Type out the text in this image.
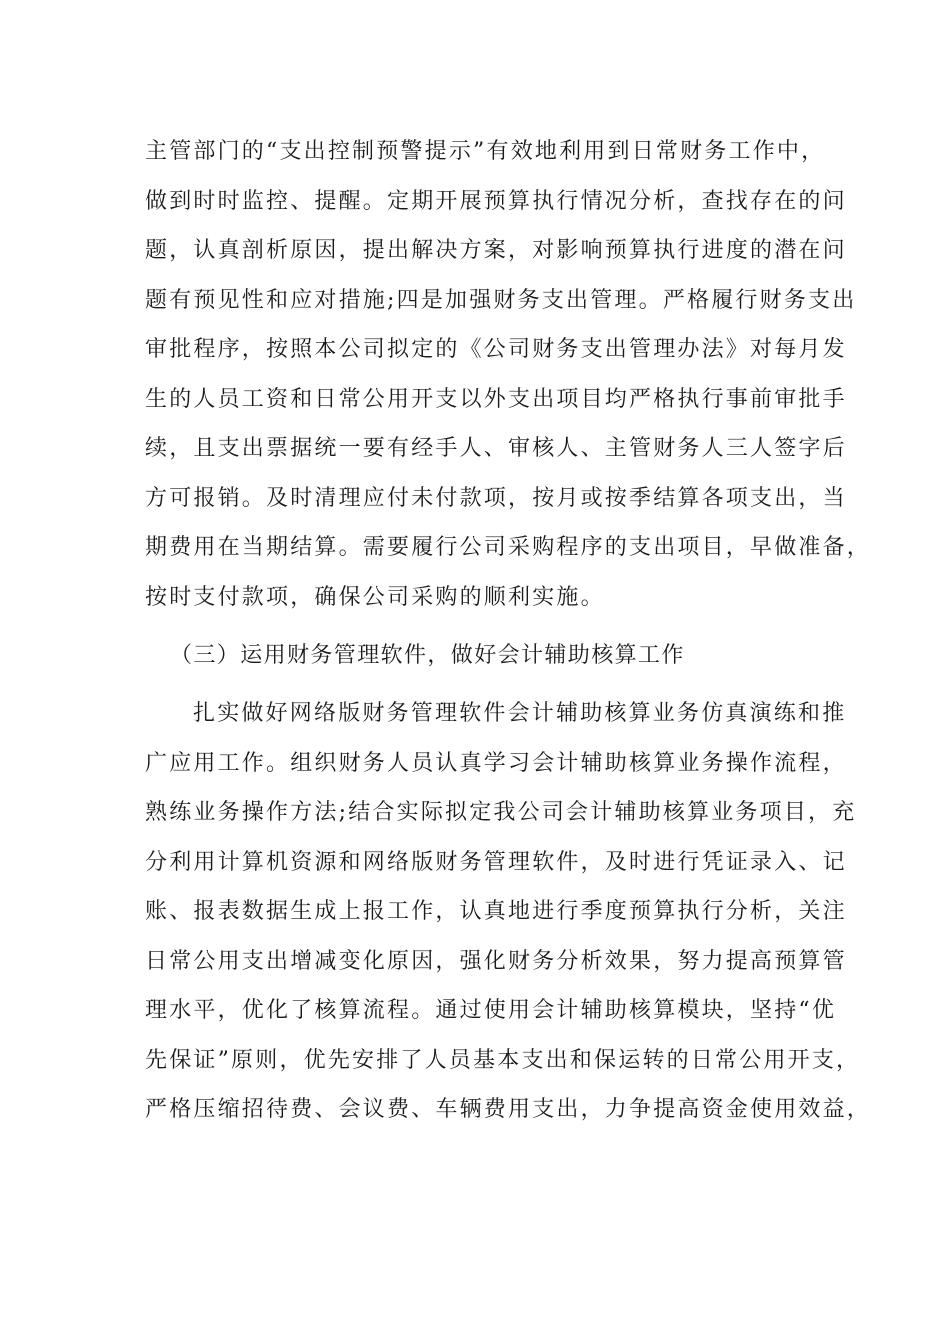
主管部门的“支出控制预警提示”有效地利用到日常财务工作中，
做到时时监控、提醒。定期开展预算执行情况分析，查找存在的问
题，认真剖析原因，提出解决方案，对影响预算执行进度的潜在问
题有预见性和应对措施;四是加强财务支出管理。严格履行财务支出
审批程序，按照本公司拟定的《公司财务支出管理办法》对每月发
生的人员工资和日常公用开支以外支出项目均严格执行事前审批手
续，且支出票据统一要有经手人、审核人、主管财务人三人签字后
方可报销。及时清理应付未付款项，按月或按季结算各项支出，当
期费用在当期结算。需要履行公司采购程序的支出项目，早做准备，
按时支付款项，确保公司采购的顺利实施。
（三）运用财务管理软件，做好会计辅助核算工作
扎实做好网络版财务管理软件会计辅助核算业务仿真演练和推
广应用工作。组织财务人员认真学习会计辅助核算业务操作流程，
熟练业务操作方法;结合实际拟定我公司会计辅助核算业务项目，充
分利用计算机资源和网络版财务管理软件，及时进行凭证录入、记
账、报表数据生成上报工作，认真地进行季度预算执行分析，关注
日常公用支出增减变化原因，强化财务分析效果，努力提高预算管
理水平，优化了核算流程。通过使用会计辅助核算模块，坚持“优
先保证”原则，优先安排了人员基本支出和保运转的日常公用开支，
严格压缩招待费、会议费、车辆费用支出，力争提高资金使用效益，
